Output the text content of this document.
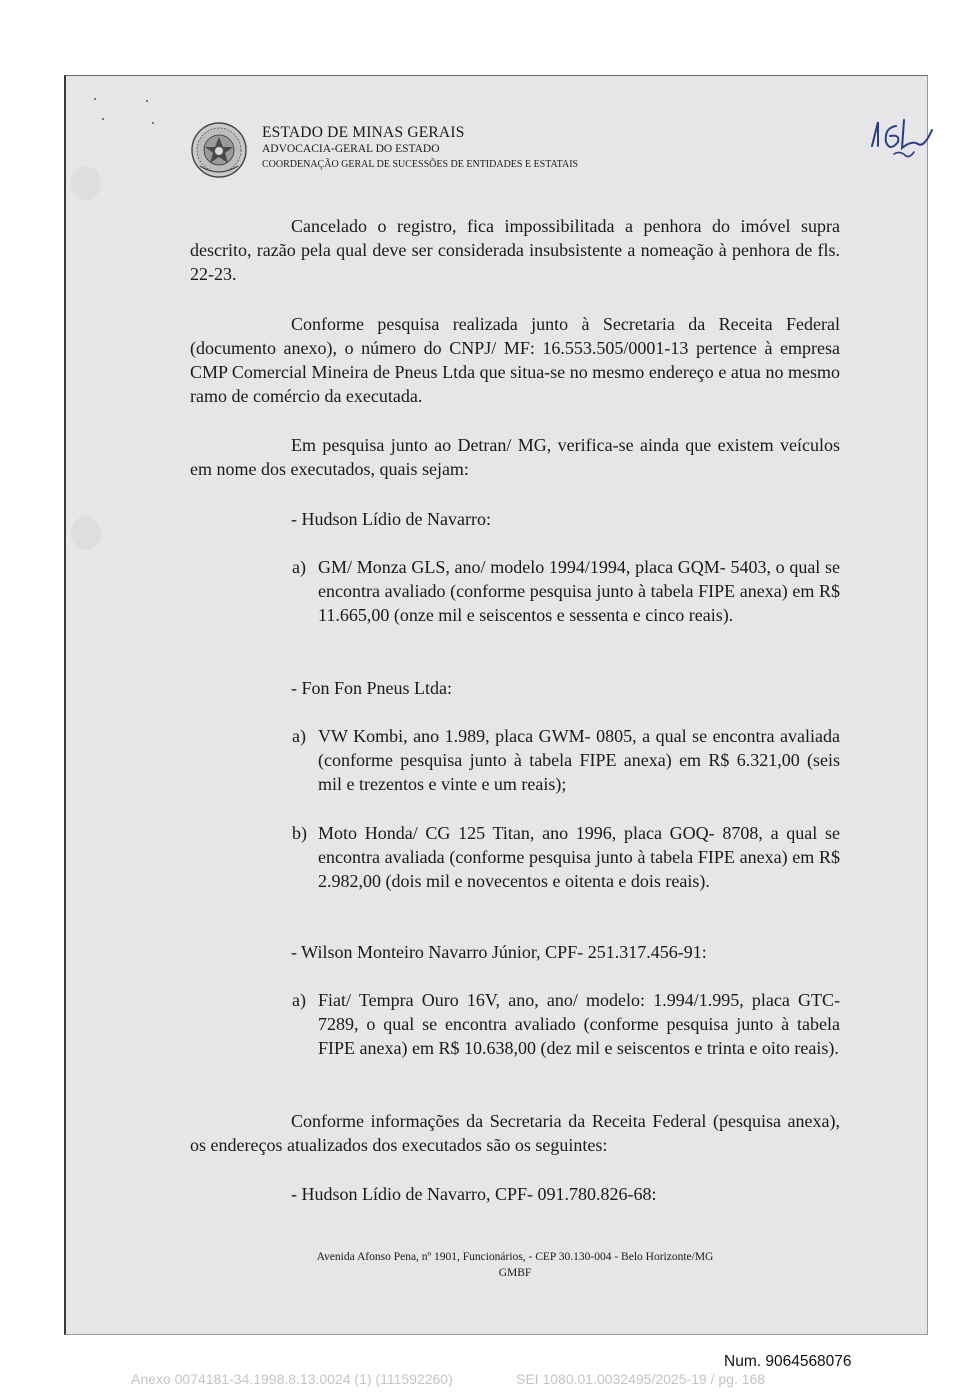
ESTADO DE MINAS GERAIS
ADVOCACIA-GERAL DO ESTADO
COORDENAÇÃO GERAL DE SUCESSÕES DE ENTIDADES E ESTATAIS

Cancelado o registro, fica impossibilitada a penhora do imóvel supra descrito, razão pela qual deve ser considerada insubsistente a nomeação à penhora de fls. 22-23.

Conforme pesquisa realizada junto à Secretaria da Receita Federal (documento anexo), o número do CNPJ/ MF: 16.553.505/0001-13 pertence à empresa CMP Comercial Mineira de Pneus Ltda que situa-se no mesmo endereço e atua no mesmo ramo de comércio da executada.

Em pesquisa junto ao Detran/ MG, verifica-se ainda que existem veículos em nome dos executados, quais sejam:

- Hudson Lídio de Navarro:

a) GM/ Monza GLS, ano/ modelo 1994/1994, placa GQM- 5403, o qual se encontra avaliado (conforme pesquisa junto à tabela FIPE anexa) em R$ 11.665,00 (onze mil e seiscentos e sessenta e cinco reais).

- Fon Fon Pneus Ltda:

a) VW Kombi, ano 1.989, placa GWM- 0805, a qual se encontra avaliada (conforme pesquisa junto à tabela FIPE anexa) em R$ 6.321,00 (seis mil e trezentos e vinte e um reais);
b) Moto Honda/ CG 125 Titan, ano 1996, placa GOQ- 8708, a qual se encontra avaliada (conforme pesquisa junto à tabela FIPE anexa) em R$ 2.982,00 (dois mil e novecentos e oitenta e dois reais).

- Wilson Monteiro Navarro Júnior, CPF- 251.317.456-91:

a) Fiat/ Tempra Ouro 16V, ano, ano/ modelo: 1.994/1.995, placa GTC- 7289, o qual se encontra avaliado (conforme pesquisa junto à tabela FIPE anexa) em R$ 10.638,00 (dez mil e seiscentos e trinta e oito reais).

Conforme informações da Secretaria da Receita Federal (pesquisa anexa), os endereços atualizados dos executados são os seguintes:

- Hudson Lídio de Navarro, CPF- 091.780.826-68:

Avenida Afonso Pena, nº 1901, Funcionários, - CEP 30.130-004 - Belo Horizonte/MG
GMBF
Num. 9064568076
Anexo 0074181-34.1998.8.13.0024 (1) (111592260)	SEI 1080.01.0032495/2025-19 / pg. 168
